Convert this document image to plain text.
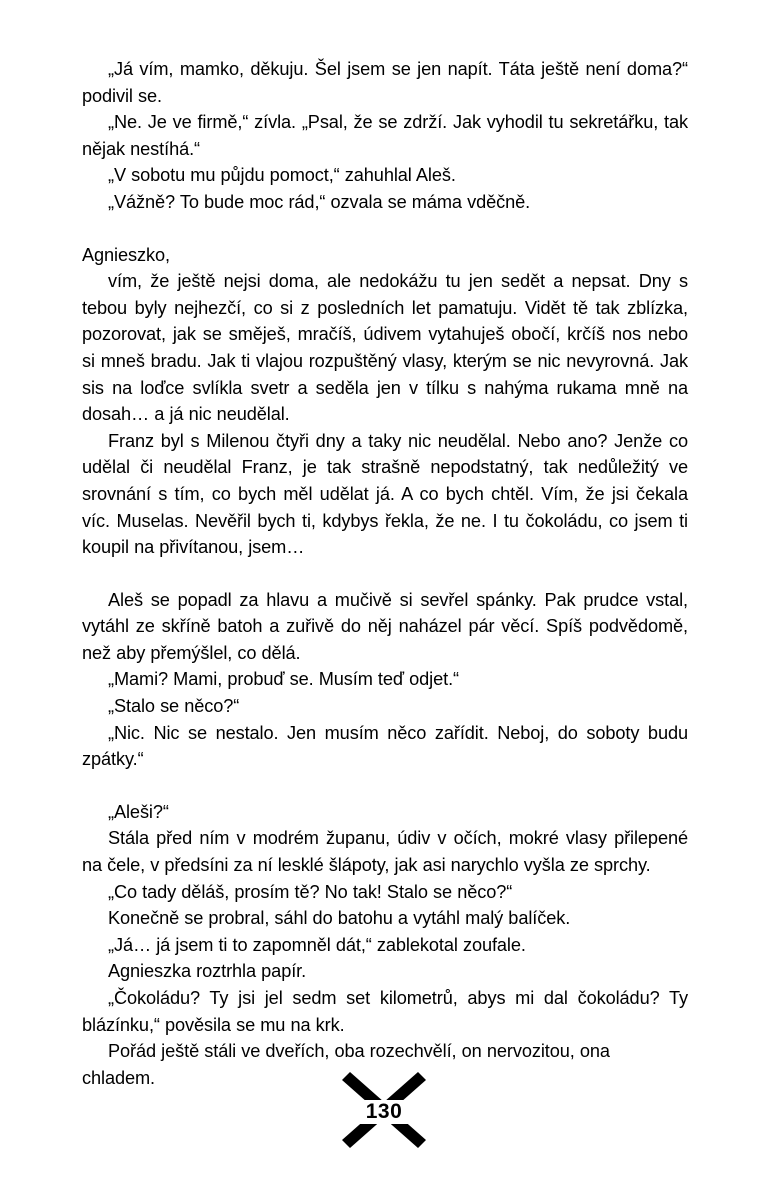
„Já vím, mamko, děkuju. Šel jsem se jen napít. Táta ještě není doma?“ podivil se.

„Ne. Je ve firmě,“ zívla. „Psal, že se zdrží. Jak vyhodil tu sekretářku, tak nějak nestíhá.“

„V sobotu mu půjdu pomoct,“ zahuhlal Aleš.

„Vážně? To bude moc rád,“ ozvala se máma vděčně.

Agnieszko,

vím, že ještě nejsi doma, ale nedokážu tu jen sedět a nepsat. Dny s tebou byly nejhezčí, co si z posledních let pamatuju. Vidět tě tak zblízka, pozorovat, jak se směješ, mračíš, údivem vytahuješ obočí, krčíš nos nebo si mneš bradu. Jak ti vlajou rozpuštěný vlasy, kterým se nic nevyrovná. Jak sis na loďce svlíkla svetr a seděla jen v tílku s nahýma rukama mně na dosah… a já nic neudělal.

Franz byl s Milenou čtyři dny a taky nic neudělal. Nebo ano? Jenže co udělal či neudělal Franz, je tak strašně nepodstatný, tak nedůležitý ve srovnání s tím, co bych měl udělat já. A co bych chtěl. Vím, že jsi čekala víc. Muselas. Nevěřil bych ti, kdybys řekla, že ne. I tu čokoládu, co jsem ti koupil na přivítanou, jsem…

Aleš se popadl za hlavu a mučivě si sevřel spánky. Pak prudce vstal, vytáhl ze skříně batoh a zuřivě do něj naházel pár věcí. Spíš podvědomě, než aby přemýšlel, co dělá.

„Mami? Mami, probuď se. Musím teď odjet.“

„Stalo se něco?“

„Nic. Nic se nestalo. Jen musím něco zařídit. Neboj, do soboty budu zpátky.“

„Aleši?“

Stála před ním v modrém županu, údiv v očích, mokré vlasy přilepené na čele, v předsíni za ní lesklé šlápoty, jak asi narychlo vyšla ze sprchy.

„Co tady děláš, prosím tě? No tak! Stalo se něco?“

Konečně se probral, sáhl do batohu a vytáhl malý balíček.

„Já… já jsem ti to zapomněl dát,“ zablekotal zoufale.

Agnieszka roztrhla papír.

„Čokoládu? Ty jsi jel sedm set kilometrů, abys mi dal čokoládu? Ty blázínku,“ pověsila se mu na krk.

Pořád ještě stáli ve dveřích, oba rozechvělí, on nervozitou, ona chladem.

130
